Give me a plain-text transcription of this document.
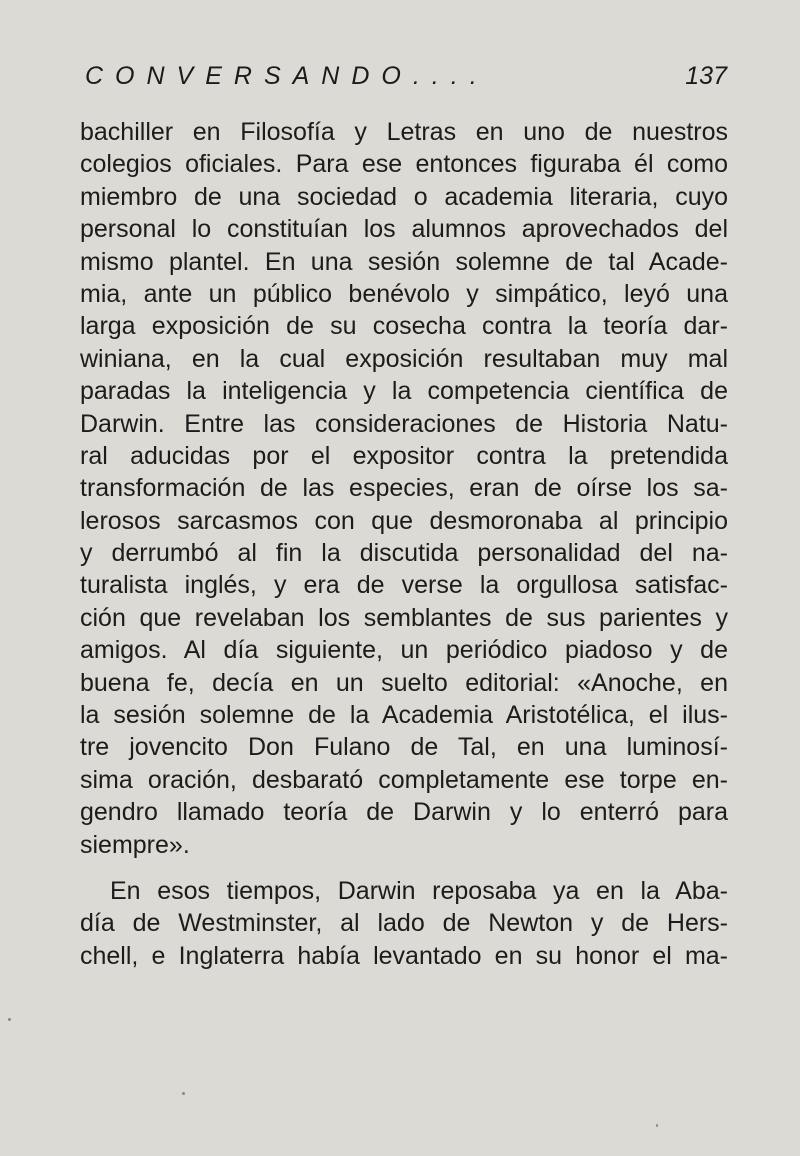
CONVERSANDO....	137
bachiller en Filosofía y Letras en uno de nuestros
colegios oficiales. Para ese entonces figuraba él como
miembro de una sociedad o academia literaria, cuyo
personal lo constituían los alumnos aprovechados del
mismo plantel. En una sesión solemne de tal Acade-
mia, ante un público benévolo y simpático, leyó una
larga exposición de su cosecha contra la teoría dar-
winiana, en la cual exposición resultaban muy mal
paradas la inteligencia y la competencia científica de
Darwin. Entre las consideraciones de Historia Natu-
ral aducidas por el expositor contra la pretendida
transformación de las especies, eran de oírse los sa-
lerosos sarcasmos con que desmoronaba al principio
y derrumbó al fin la discutida personalidad del na-
turalista inglés, y era de verse la orgullosa satisfac-
ción que revelaban los semblantes de sus parientes y
amigos. Al día siguiente, un periódico piadoso y de
buena fe, decía en un suelto editorial: «Anoche, en
la sesión solemne de la Academia Aristotélica, el ilus-
tre jovencito Don Fulano de Tal, en una luminosí-
sima oración, desbarató completamente ese torpe en-
gendro llamado teoría de Darwin y lo enterró para
siempre».
En esos tiempos, Darwin reposaba ya en la Aba-
día de Westminster, al lado de Newton y de Hers-
chell, e Inglaterra había levantado en su honor el ma-
